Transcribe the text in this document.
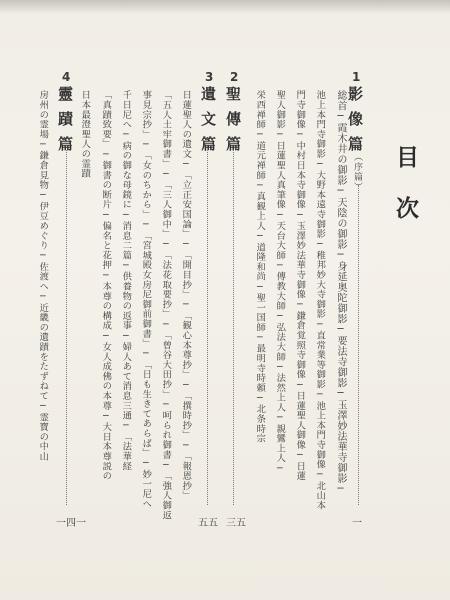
目次
1
影像篇
（序篇）
一
総首─霞木井の御影─天陰の御影─身延奥陀御影─要法寺御影─玉澤妙法華寺御影─
池上本門寺御影─大野本遠寺御影─稚邦妙大寺御影─直常業等御影─池上本門寺御像─北山本
門寺御像─中村日本寺御像─玉澤妙法華寺御像─鎌倉覚照寺御像─日蓮聖人御像─日蓮
聖人御影─日蓮聖人真筆像─天台大師─傳教大師─弘法大師─法然上人─親鸞上人─
栄西禅師─道元禅師─真観上人─道隆和尚─聖一国師─最明寺時頼─北条時宗
2
聖傳篇
三五
3
遺文篇
五五
日蓮聖人の遺文─「立正安国論」─「開目抄」─「観心本尊抄」─「撰時抄」─「報恩抄」
「五人土牢御書」─「三人御中」─「法花取要抄」─「曾谷大田抄」─呵られ御書─「強人御返
事見宗抄」─「女のちから」─「宮城殿女房尼御前御書」─「日も生きてあらば」─妙一尼へ
千日尼へ─病の御な母鏡に─消息二篇─供養物の返事─婦人あて消息三通─「法華経
「真蹟致要」─御書の断片─偏名と花押─本尊の構成─女人成佛の本尊─大日本尊説の
4
靈蹟篇
一四一
房州の霊場─鎌倉見物─伊豆めぐり─佐渡へ─近畿の遺蹟をたずねて─霊寶の中山	日本最澄聖人の霊蹟
